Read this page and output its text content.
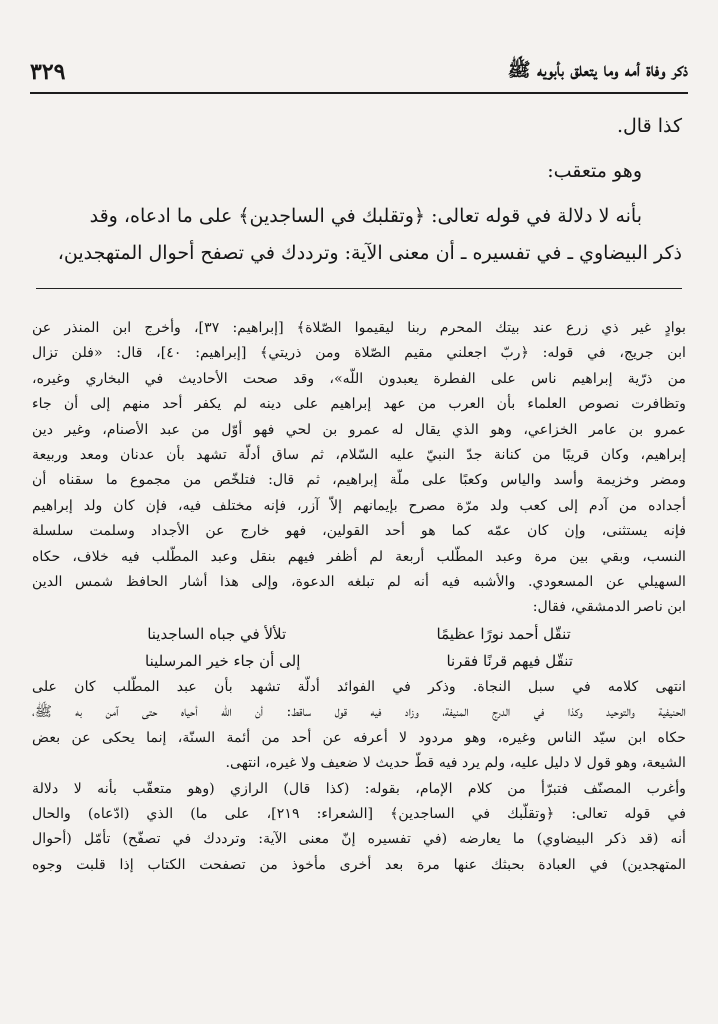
ذكر وفاة أمه وما يتعلق بأبويه ﷺ
٣٢٩
كذا قال.
وهو متعقب:
بأنه لا دلالة في قوله تعالى: ﴿وتقلبك في الساجدين﴾ على ما ادعاه، وقد
ذكر البيضاوي ـ في تفسيره ـ أن معنى الآية: وترددك في تصفح أحوال المتهجدين،
بوادٍ غير ذي زرع عند بيتك المحرم ربنا ليقيموا الصّلاة﴾ [إبراهيم: ٣٧]، وأخرج ابن المنذر عن
ابن جريج، في قوله: ﴿ربّ اجعلني مقيم الصّلاة ومن ذريتي﴾ [إبراهيم: ٤٠]، قال: «فلن تزال
من ذرّية إبراهيم ناس على الفطرة يعبدون اللّه»، وقد صحت الأحاديث في البخاري وغيره،
وتظافرت نصوص العلماء بأن العرب من عهد إبراهيم على دينه لم يكفر أحد منهم إلى أن جاء
عمرو بن عامر الخزاعي، وهو الذي يقال له عمرو بن لحي فهو أوّل من عبد الأصنام، وغير دين
إبراهيم، وكان قريبًا من كنانة جدّ النبيّ عليه السّلام، ثم ساق أدلّة تشهد بأن عدنان ومعد وربيعة
ومضر وخزيمة وأسد والياس وكعبًا على ملّة إبراهيم، ثم قال: فتلخّص من مجموع ما سقناه أن
أجداده من آدم إلى كعب ولد مرّة مصرح بإيمانهم إلاّ آزر، فإنه مختلف فيه، فإن كان ولد إبراهيم
فإنه يستثنى، وإن كان عمّه كما هو أحد القولين، فهو خارج عن الأجداد وسلمت سلسلة
النسب، وبقي بين مرة وعبد المطّلب أربعة لم أظفر فيهم بنقل وعبد المطّلب فيه خلاف، حكاه
السهيلي عن المسعودي. والأشبه فيه أنه لم تبلغه الدعوة، وإلى هذا أشار الحافظ شمس الدين
ابن ناصر الدمشقي، فقال:
تنقّل أحمد نورًا عظيمًا
تلألأ في جباه الساجدينا
تنقّل فيهم قرنًا فقرنا
إلى أن جاء خير المرسلينا
انتهى كلامه في سبل النجاة. وذكر في الفوائد أدلّة تشهد بأن عبد المطّلب كان على
الحنيفية والتوحيد وكذا في الدرج المنيفة، وزاد فيه قول ساقط: أن اللّه أحياه حتى آمن به ﷺ،
حكاه ابن سيّد الناس وغيره، وهو مردود لا أعرفه عن أحد من أئمة السنّة، إنما يحكى عن بعض
الشيعة، وهو قول لا دليل عليه، ولم يرد فيه قطّ حديث لا ضعيف ولا غيره، انتهى.
وأغرب المصنّف فتبرّأ من كلام الإمام، بقوله: (كذا قال) الرازي (وهو متعقّب بأنه لا دلالة
في قوله تعالى: ﴿وتقلّبك في الساجدين﴾ [الشعراء: ٢١٩]، على ما) الذي (ادّعاه) والحال
أنه (قد ذكر البيضاوي) ما يعارضه (في تفسيره إنّ معنى الآية: وترددك في تصفّح) تأمّل (أحوال
المتهجدين) في العبادة بحبثك عنها مرة بعد أخرى مأخوذ من تصفحت الكتاب إذا قلبت وجوه
